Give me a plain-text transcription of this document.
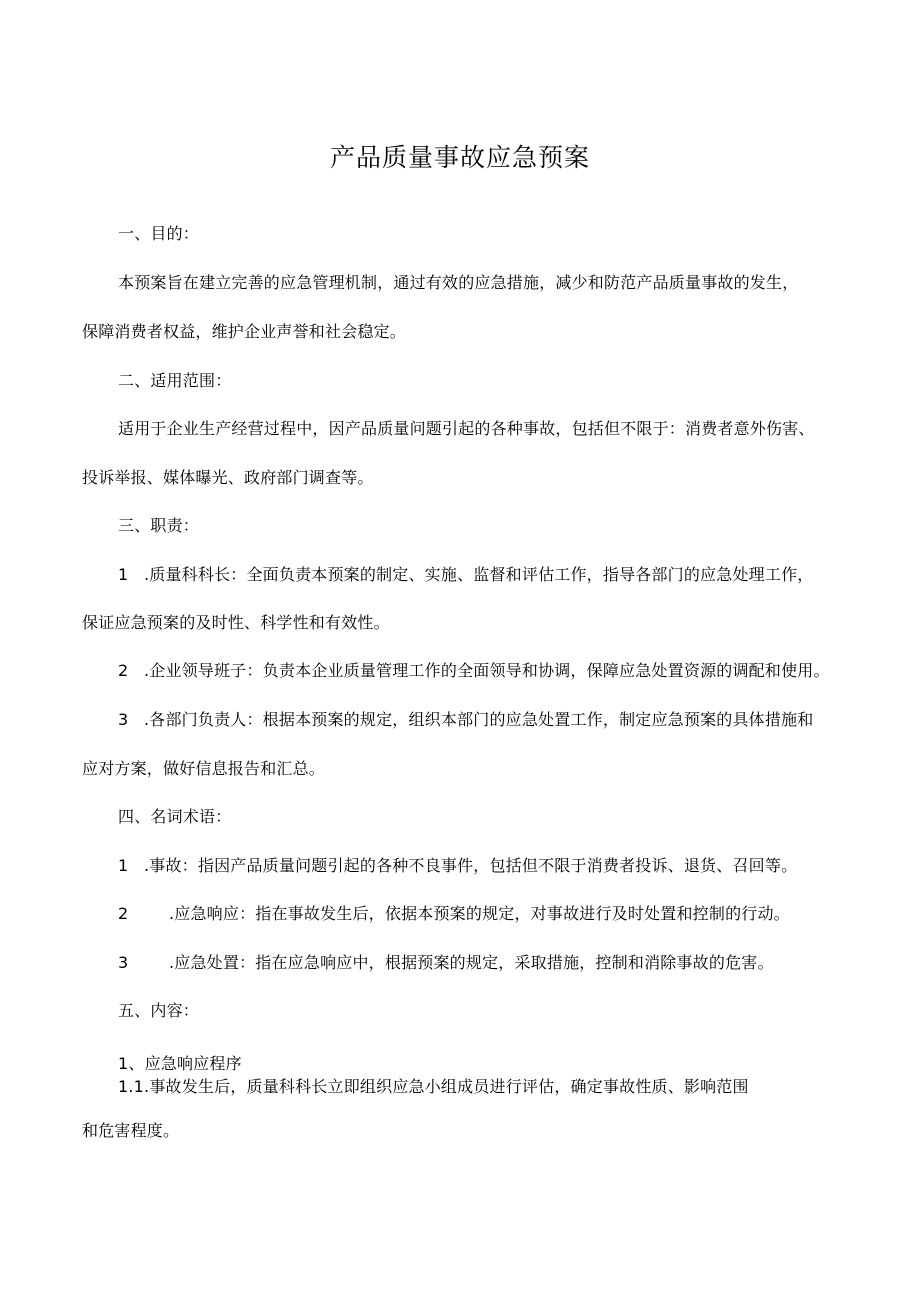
产品质量事故应急预案
一、目的：
本预案旨在建立完善的应急管理机制，通过有效的应急措施，减少和防范产品质量事故的发生，
保障消费者权益，维护企业声誉和社会稳定。
二、适用范围：
适用于企业生产经营过程中，因产品质量问题引起的各种事故，包括但不限于：消费者意外伤害、
投诉举报、媒体曝光、政府部门调查等。
三、职责：
1 .质量科科长：全面负责本预案的制定、实施、监督和评估工作，指导各部门的应急处理工作，
保证应急预案的及时性、科学性和有效性。
2 .企业领导班子：负责本企业质量管理工作的全面领导和协调，保障应急处置资源的调配和使用。
3 .各部门负责人：根据本预案的规定，组织本部门的应急处置工作，制定应急预案的具体措施和
应对方案，做好信息报告和汇总。
四、名词术语：
1 .事故：指因产品质量问题引起的各种不良事件，包括但不限于消费者投诉、退货、召回等。
2	.应急响应：指在事故发生后，依据本预案的规定，对事故进行及时处置和控制的行动。
3	.应急处置：指在应急响应中，根据预案的规定，采取措施，控制和消除事故的危害。
五、内容：
1、应急响应程序
1.1.事故发生后，质量科科长立即组织应急小组成员进行评估，确定事故性质、影响范围
和危害程度。
